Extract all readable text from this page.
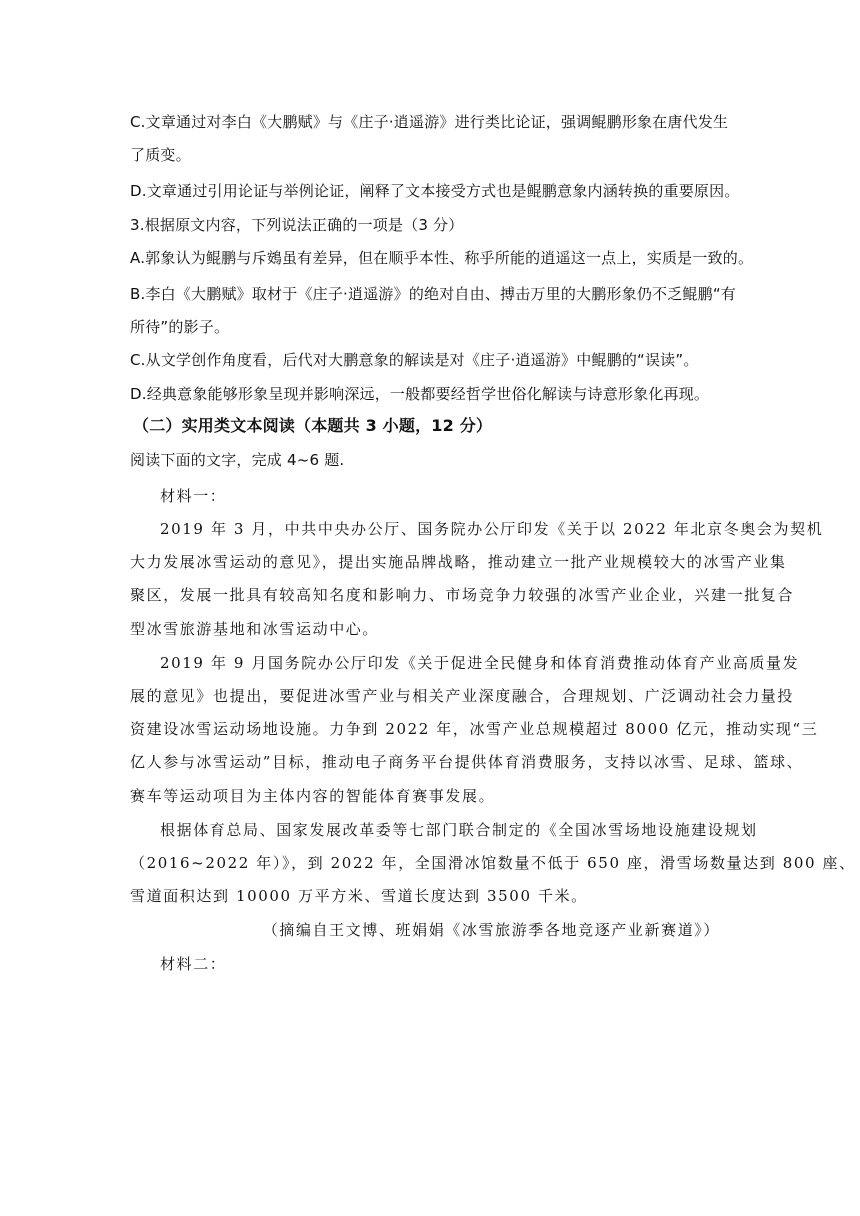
C.文章通过对李白《大鹏赋》与《庄子·逍遥游》进行类比论证，强调鲲鹏形象在唐代发生
了质变。
D.文章通过引用论证与举例论证，阐释了文本接受方式也是鲲鹏意象内涵转换的重要原因。
3.根据原文内容，下列说法正确的一项是（3 分）
A.郭象认为鲲鹏与斥鴳虽有差异，但在顺乎本性、称乎所能的逍遥这一点上，实质是一致的。
B.李白《大鹏赋》取材于《庄子·逍遥游》的绝对自由、搏击万里的大鹏形象仍不乏鲲鹏“有
所待”的影子。
C.从文学创作角度看，后代对大鹏意象的解读是对《庄子·逍遥游》中鲲鹏的“误读”。
D.经典意象能够形象呈现并影响深远，一般都要经哲学世俗化解读与诗意形象化再现。
（二）实用类文本阅读（本题共 3 小题，12 分）
阅读下面的文字，完成 4~6 题.
材料一：
2019 年 3 月，中共中央办公厅、国务院办公厅印发《关于以 2022 年北京冬奥会为契机
大力发展冰雪运动的意见》，提出实施品牌战略，推动建立一批产业规模较大的冰雪产业集
聚区，发展一批具有较高知名度和影响力、市场竞争力较强的冰雪产业企业，兴建一批复合
型冰雪旅游基地和冰雪运动中心。
2019 年 9 月国务院办公厅印发《关于促进全民健身和体育消费推动体育产业高质量发
展的意见》也提出，要促进冰雪产业与相关产业深度融合，合理规划、广泛调动社会力量投
资建设冰雪运动场地设施。力争到 2022 年，冰雪产业总规模超过 8000 亿元，推动实现“三
亿人参与冰雪运动”目标，推动电子商务平台提供体育消费服务，支持以冰雪、足球、篮球、
赛车等运动项目为主体内容的智能体育赛事发展。
根据体育总局、国家发展改革委等七部门联合制定的《全国冰雪场地设施建设规划
（2016~2022 年）》，到 2022 年，全国滑冰馆数量不低于 650 座，滑雪场数量达到 800 座、
雪道面积达到 10000 万平方米、雪道长度达到 3500 千米。
（摘编自王文博、班娟娟《冰雪旅游季各地竞逐产业新赛道》）
材料二：
